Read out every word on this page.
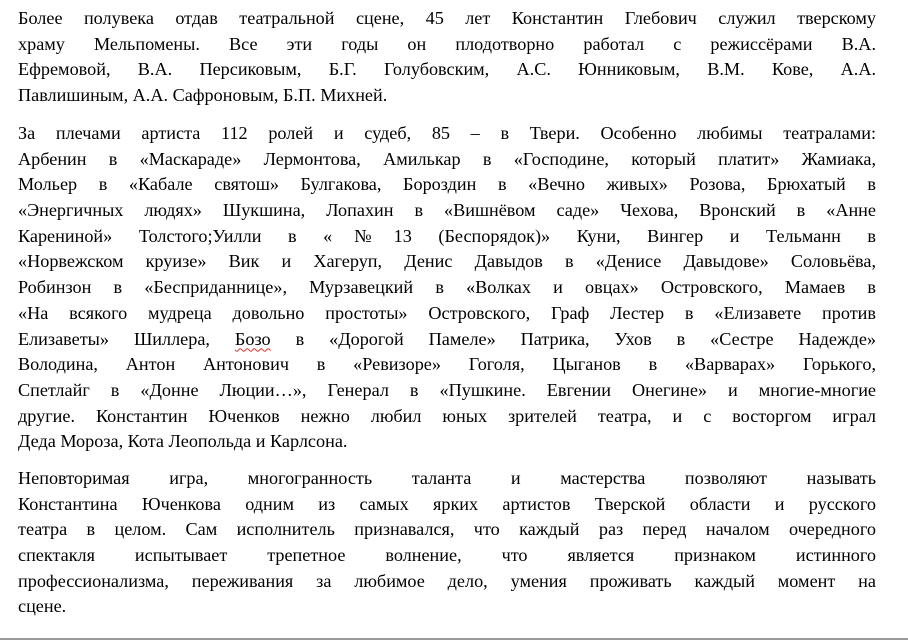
Более полувека отдав театральной сцене, 45 лет Константин Глебович служил тверскому
храму Мельпомены. Все эти годы он плодотворно работал с режиссёрами В.А.
Ефремовой, В.А. Персиковым, Б.Г. Голубовским, А.С. Юнниковым, В.М. Кове, А.А.
Павлишиным, А.А. Сафроновым, Б.П. Михней.
За плечами артиста 112 ролей и судеб, 85 – в Твери. Особенно любимы театралами:
Арбенин в «Маскараде» Лермонтова, Амилькар в «Господине, который платит» Жамиака,
Мольер в «Кабале святош» Булгакова, Бороздин в «Вечно живых» Розова, Брюхатый в
«Энергичных людях» Шукшина, Лопахин в «Вишнёвом саде» Чехова, Вронский в «Анне
Карениной» Толстого;Уилли в «№13 (Беспорядок)» Куни, Вингер и Тельманн в
«Норвежском круизе» Вик и Хагеруп, Денис Давыдов в «Денисе Давыдове» Соловьёва,
Робинзон в «Бесприданнице», Мурзавецкий в «Волках и овцах» Островского, Мамаев в
«На всякого мудреца довольно простоты» Островского, Граф Лестер в «Елизавете против
Елизаветы» Шиллера, Бозо в «Дорогой Памеле» Патрика, Ухов в «Сестре Надежде»
Володина, Антон Антонович в «Ревизоре» Гоголя, Цыганов в «Варварах» Горького,
Спетлайг в «Донне Люции…», Генерал в «Пушкине. Евгении Онегине» и многие-многие
другие. Константин Юченков нежно любил юных зрителей театра, и с восторгом играл
Деда Мороза, Кота Леопольда и Карлсона.
Неповторимая игра, многогранность таланта и мастерства позволяют называть
Константина Юченкова одним из самых ярких артистов Тверской области и русского
театра в целом. Сам исполнитель признавался, что каждый раз перед началом очередного
спектакля испытывает трепетное волнение, что является признаком истинного
профессионализма, переживания за любимое дело, умения проживать каждый момент на
сцене.
